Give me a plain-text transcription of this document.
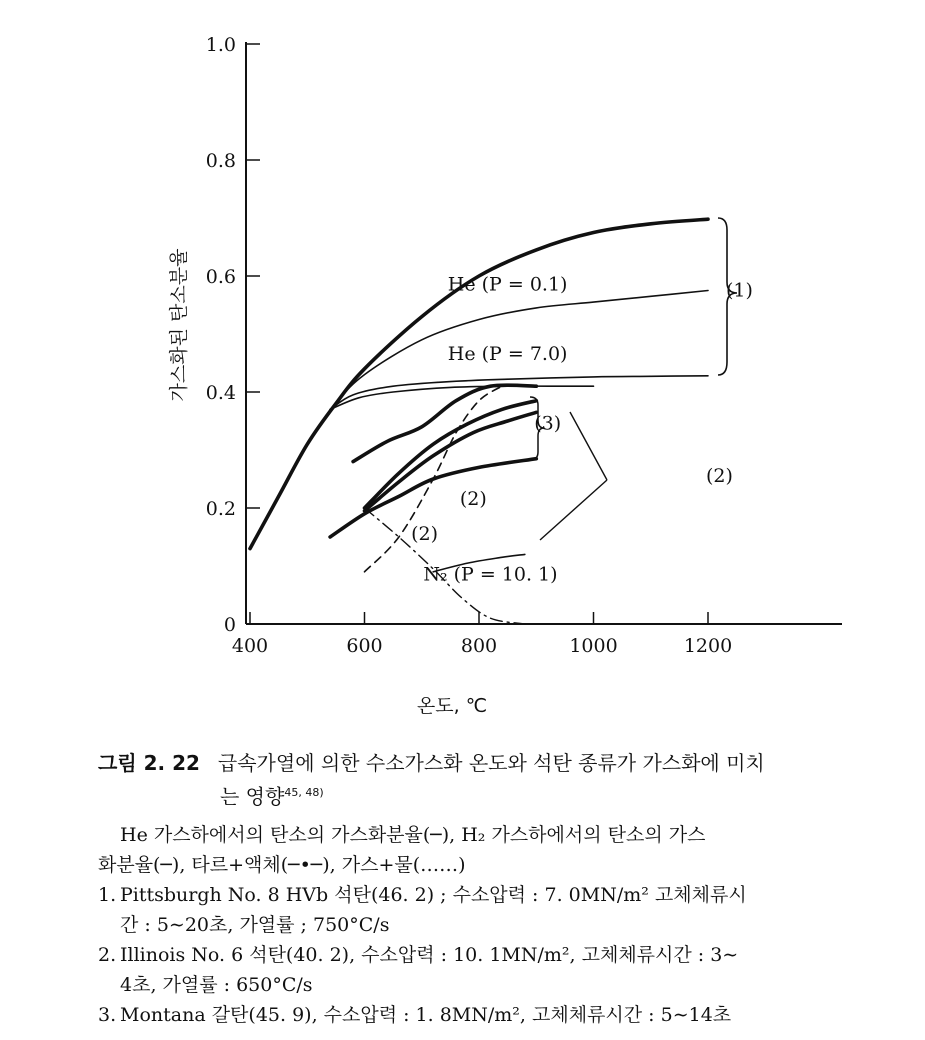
0
0.2
0.4
0.6
0.8
1.0
400	600	800	1000	1200
He (P = 0.1)
He (P = 7.0)
(1)
(3)
(2)
(2)
(2)
N₂ (P = 10. 1)
가스화된 탄소분율
온도, ℃
그림 2. 22 급속가열에 의한 수소가스화 온도와 석탄 종류가 가스화에 미치
는 영향$^{45, 48)}$
He 가스하에서의 탄소의 가스화분율(─), H₂ 가스하에서의 탄소의 가스
화분율(─), 타르+액체(─•─), 가스+물(……)
1. Pittsburgh No. 8 HVb 석탄(46. 2) ; 수소압력 : 7. 0MN/m² 고체체류시
간 : 5∼20초, 가열률 ; 750°C/s
2. Illinois No. 6 석탄(40. 2), 수소압력 : 10. 1MN/m², 고체체류시간 : 3∼
4초, 가열률 : 650°C/s
3. Montana 갈탄(45. 9), 수소압력 : 1. 8MN/m², 고체체류시간 : 5∼14초
